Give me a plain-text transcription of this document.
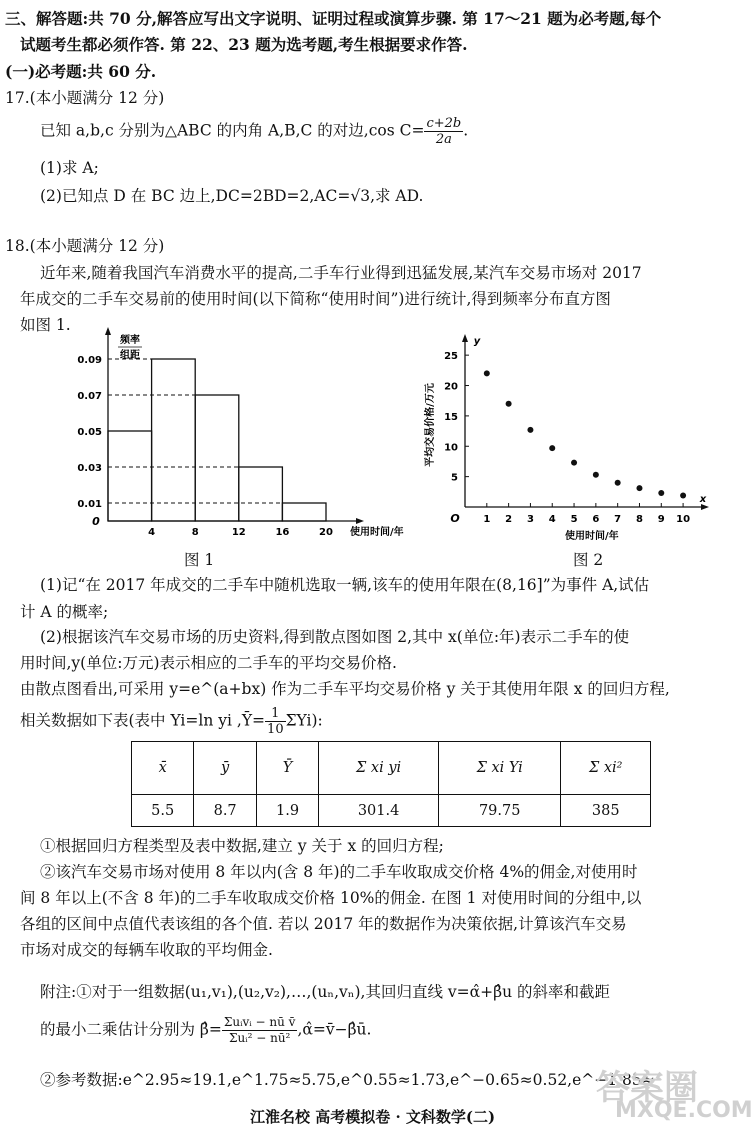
三、解答题:共 70 分,解答应写出文字说明、证明过程或演算步骤. 第 17～21 题为必考题,每个
试题考生都必须作答. 第 22、23 题为选考题,考生根据要求作答.
(一)必考题:共 60 分.
17.(本小题满分 12 分)
已知 a,b,c 分别为△ABC 的内角 A,B,C 的对边,cos $C= \frac{c+2b}{2a}$ .
(1)求 A;
(2)已知点 D 在 BC 边上,DC=2BD=2,AC=√3,求 AD.
18.(本小题满分 12 分)
近年来,随着我国汽车消费水平的提高,二手车行业得到迅猛发展,某汽车交易市场对 2017
年成交的二手车交易前的使用时间(以下简称“使用时间”)进行统计,得到频率分布直方图
如图 1.
0.01
0.03
0.05
0.07
0.09
4	8	12	16	20
0
频率
组距
使用时间/年
图 1
5
10
15
20
25
1 2 3 4 5 6 7 8 9 10
O
y
x
使用时间/年
平均交易价格/万元
图 2
(1)记“在 2017 年成交的二手车中随机选取一辆,该车的使用年限在(8,16]”为事件 A,试估
计 A 的概率;
(2)根据该汽车交易市场的历史资料,得到散点图如图 2,其中 x(单位:年)表示二手车的使
用时间,y(单位:万元)表示相应的二手车的平均交易价格.
由散点图看出,可采用 y=e^(a+bx) 作为二手车平均交易价格 y 关于其使用年限 x 的回归方程,
相关数据如下表(表中 Yi=ln yi ,Ȳ= $\frac{1}{10} \Sigma Yi$):
x̄	ȳ	Ȳ	Σ xi yi	Σ xi Yi	Σ xi²
5.5	8.7	1.9	301.4	79.75	385
10 i=1
①根据回归方程类型及表中数据,建立 y 关于 x 的回归方程;
②该汽车交易市场对使用 8 年以内(含 8 年)的二手车收取成交价格 4%的佣金,对使用时
间 8 年以上(不含 8 年)的二手车收取成交价格 10%的佣金. 在图 1 对使用时间的分组中,以
各组的区间中点值代表该组的各个值. 若以 2017 年的数据作为决策依据,计算该汽车交易
市场对成交的每辆车收取的平均佣金.
附注:①对于一组数据(u₁,v₁),(u₂,v₂),…,(uₙ,vₙ),其回归直线 v=α̂+β̂u 的斜率和截距
的最小二乘估计分别为 β̂= $\frac{\text{Σuᵢvᵢ − nū v̄}}{\text{Σuᵢ² − nū²}}$ ,α̂=v̄−β̂ū.
②参考数据:e^2.95≈19.1,e^1.75≈5.75,e^0.55≈1.73,e^−0.65≈0.52,e^−1.85≈
江淮名校 高考模拟卷 · 文科数学(二)
答案圈
MXQE.COM
